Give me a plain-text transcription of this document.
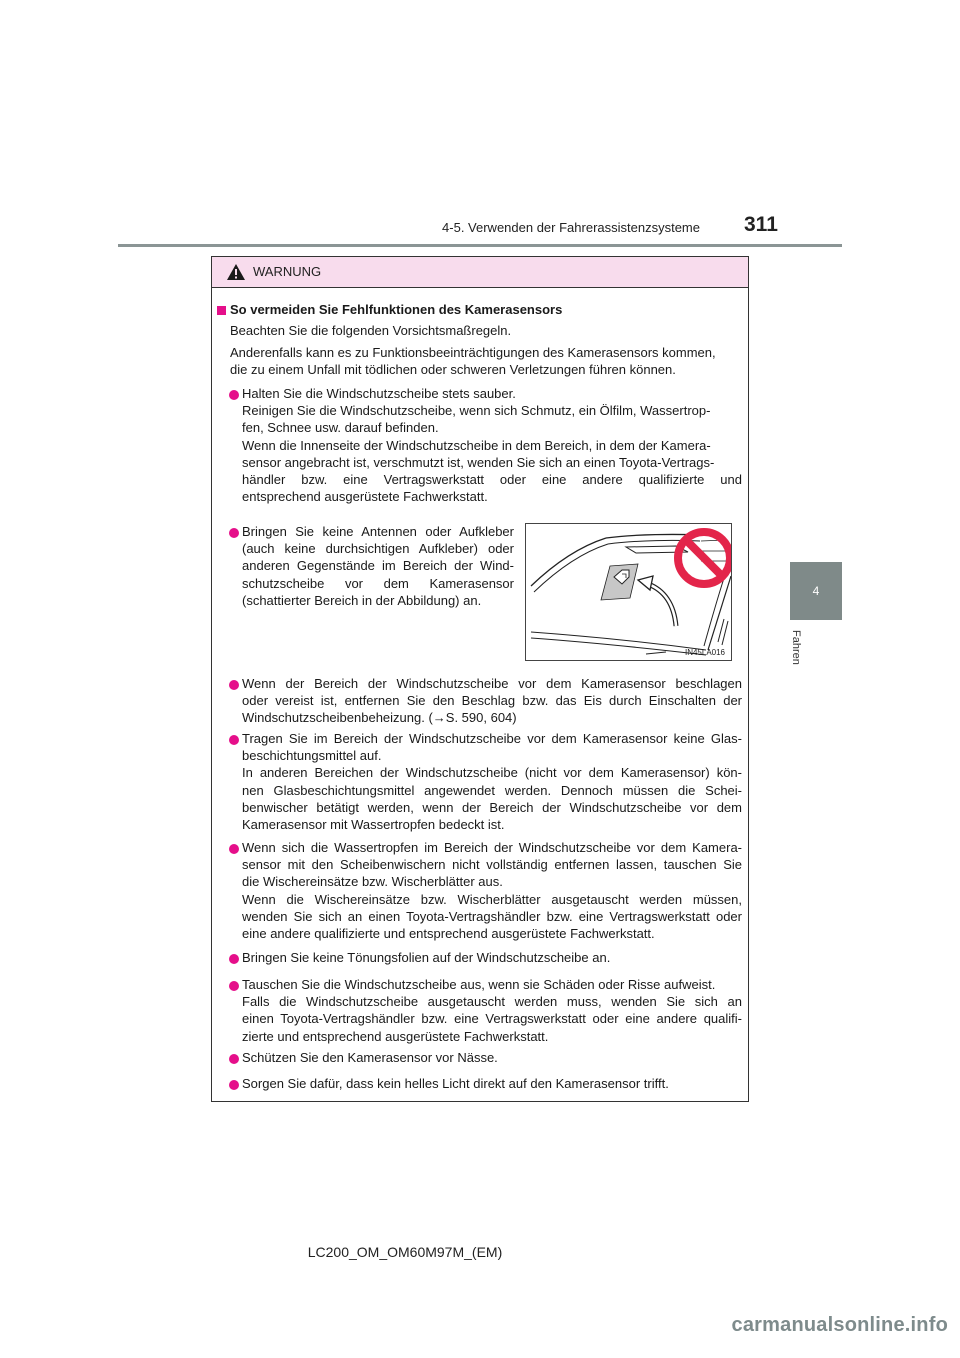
4-5. Verwenden der Fahrerassistenzsysteme 311
4
Fahren
WARNUNG
So vermeiden Sie Fehlfunktionen des Kamerasensors
Beachten Sie die folgenden Vorsichtsmaßregeln.
Anderenfalls kann es zu Funktionsbeeinträchtigungen des Kamerasensors kommen,
die zu einem Unfall mit tödlichen oder schweren Verletzungen führen können.
Halten Sie die Windschutzscheibe stets sauber.
Reinigen Sie die Windschutzscheibe, wenn sich Schmutz, ein Ölfilm, Wassertrop-
fen, Schnee usw. darauf befinden.
Wenn die Innenseite der Windschutzscheibe in dem Bereich, in dem der Kamera-
sensor angebracht ist, verschmutzt ist, wenden Sie sich an einen Toyota-Vertrags-
händler bzw. eine Vertragswerkstatt oder eine andere qualifizierte und
entsprechend ausgerüstete Fachwerkstatt.
Bringen Sie keine Antennen oder Aufkleber
(auch keine durchsichtigen Aufkleber) oder
anderen Gegenstände im Bereich der Wind-
schutzscheibe vor dem Kamerasensor
(schattierter Bereich in der Abbildung) an.
IN45LA016
Wenn der Bereich der Windschutzscheibe vor dem Kamerasensor beschlagen
oder vereist ist, entfernen Sie den Beschlag bzw. das Eis durch Einschalten der
Windschutzscheibenbeheizung. (→S. 590, 604)
Tragen Sie im Bereich der Windschutzscheibe vor dem Kamerasensor keine Glas-
beschichtungsmittel auf.
In anderen Bereichen der Windschutzscheibe (nicht vor dem Kamerasensor) kön-
nen Glasbeschichtungsmittel angewendet werden. Dennoch müssen die Schei-
benwischer betätigt werden, wenn der Bereich der Windschutzscheibe vor dem
Kamerasensor mit Wassertropfen bedeckt ist.
Wenn sich die Wassertropfen im Bereich der Windschutzscheibe vor dem Kamera-
sensor mit den Scheibenwischern nicht vollständig entfernen lassen, tauschen Sie
die Wischereinsätze bzw. Wischerblätter aus.
Wenn die Wischereinsätze bzw. Wischerblätter ausgetauscht werden müssen,
wenden Sie sich an einen Toyota-Vertragshändler bzw. eine Vertragswerkstatt oder
eine andere qualifizierte und entsprechend ausgerüstete Fachwerkstatt.
Bringen Sie keine Tönungsfolien auf der Windschutzscheibe an.
Tauschen Sie die Windschutzscheibe aus, wenn sie Schäden oder Risse aufweist.
Falls die Windschutzscheibe ausgetauscht werden muss, wenden Sie sich an
einen Toyota-Vertragshändler bzw. eine Vertragswerkstatt oder eine andere qualifi-
zierte und entsprechend ausgerüstete Fachwerkstatt.
Schützen Sie den Kamerasensor vor Nässe.
Sorgen Sie dafür, dass kein helles Licht direkt auf den Kamerasensor trifft.
LC200_OM_OM60M97M_(EM)
carmanualsonline.info
